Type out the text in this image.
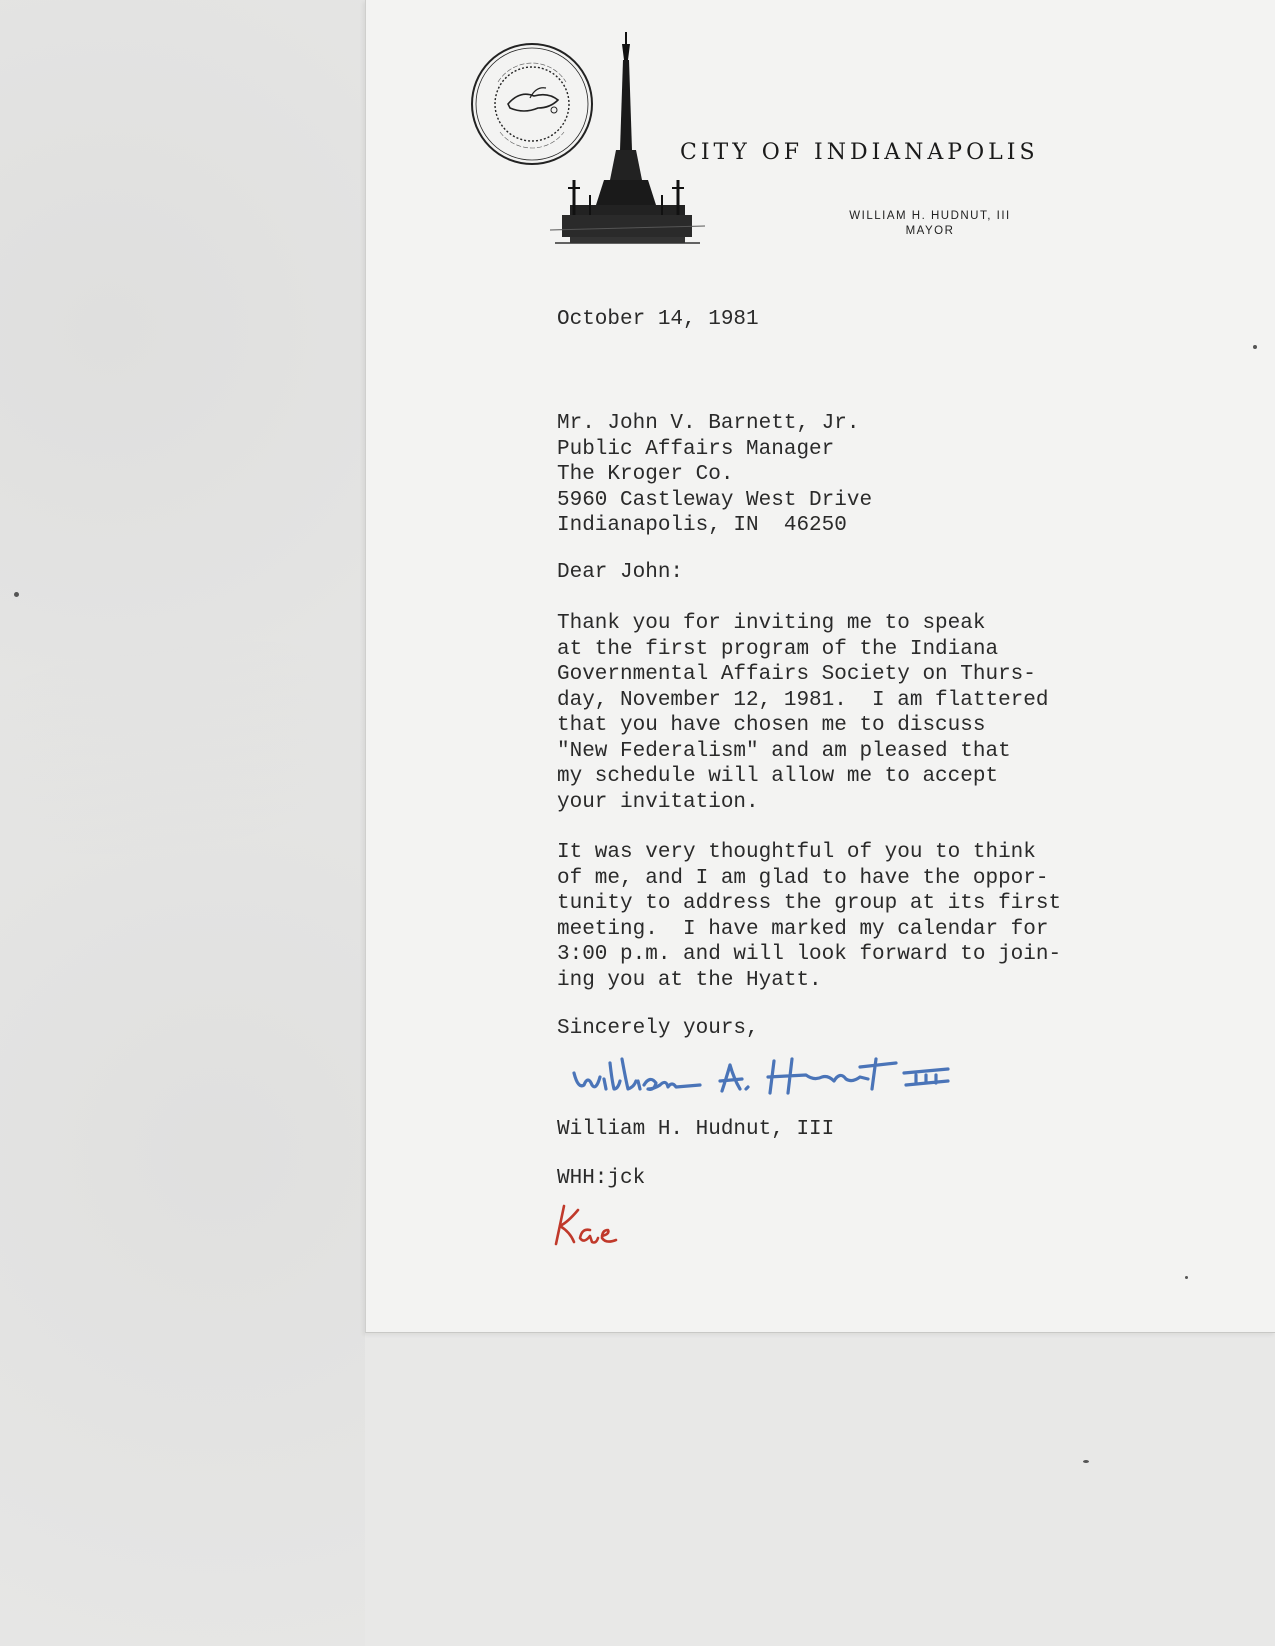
CITY OF INDIANAPOLIS
WILLIAM H. HUDNUT, III
MAYOR
October 14, 1981
Mr. John V. Barnett, Jr.
Public Affairs Manager
The Kroger Co.
5960 Castleway West Drive
Indianapolis, IN  46250
Dear John:
Thank you for inviting me to speak
at the first program of the Indiana
Governmental Affairs Society on Thurs-
day, November 12, 1981.  I am flattered
that you have chosen me to discuss
"New Federalism" and am pleased that
my schedule will allow me to accept
your invitation.
It was very thoughtful of you to think
of me, and I am glad to have the oppor-
tunity to address the group at its first
meeting.  I have marked my calendar for
3:00 p.m. and will look forward to join-
ing you at the Hyatt.
Sincerely yours,
William H. Hudnut, III
WHH:jck
